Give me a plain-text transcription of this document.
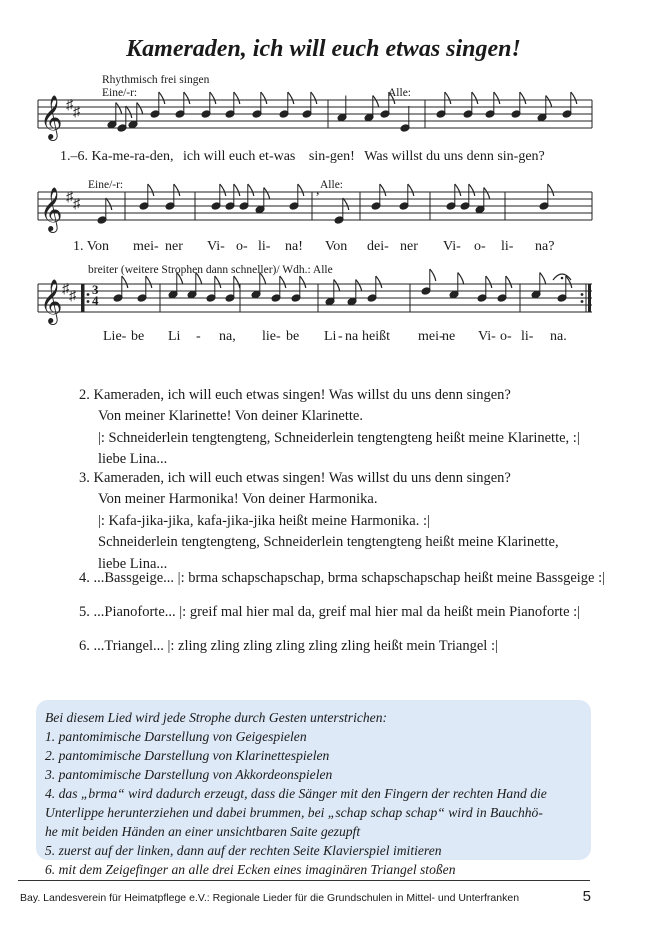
Kameraden, ich will euch etwas singen!
Rhythmisch frei singen
Eine/-r:	Alle:
𝄞 ♯ ♯
1.–6. Ka-me-ra-den, ich will euch et-was sin-gen! Was willst du uns denn sin-gen?
Eine/-r:	Alle:
𝄞 ♯ ♯
,
1. Von mei- ner Vi- o- li- na! Von dei- ner Vi- o- li- na?
breiter (weitere Strophen dann schneller)/ Wdh.: Alle
𝄞 ♯ ♯ 3
4
Lie- be Li - na, lie- be Li - na heißt mei-
ne Vi- o- li- na.
2. Kameraden, ich will euch etwas singen! Was willst du uns denn singen?
Von meiner Klarinette! Von deiner Klarinette.
|: Schneiderlein tengtengteng, Schneiderlein tengtengteng heißt meine Klarinette, :|
liebe Lina...
3. Kameraden, ich will euch etwas singen! Was willst du uns denn singen?
Von meiner Harmonika! Von deiner Harmonika.
|: Kafa-jika-jika, kafa-jika-jika heißt meine Harmonika. :|
Schneiderlein tengtengteng, Schneiderlein tengtengteng heißt meine Klarinette,
liebe Lina...
4. ...Bassgeige... |: brma schapschapschap, brma schapschapschap heißt meine Bassgeige :|
5. ...Pianoforte... |: greif mal hier mal da, greif mal hier mal da heißt mein Pianoforte :|
6. ...Triangel... |: zling zling zling zling zling zling heißt mein Triangel :|
Bei diesem Lied wird jede Strophe durch Gesten unterstrichen:
1. pantomimische Darstellung von Geigespielen
2. pantomimische Darstellung von Klarinettespielen
3. pantomimische Darstellung von Akkordeonspielen
4. das „brma“ wird dadurch erzeugt, dass die Sänger mit den Fingern der rechten Hand die
Unterlippe herunterziehen und dabei brummen, bei „schap schap schap“ wird in Bauchhö-
he mit beiden Händen an einer unsichtbaren Saite gezupft
5. zuerst auf der linken, dann auf der rechten Seite Klavierspiel imitieren
6. mit dem Zeigefinger an alle drei Ecken eines imaginären Triangel stoßen
Bay. Landesverein für Heimatpflege e.V.: Regionale Lieder für die Grundschulen in Mittel- und Unterfranken	5
